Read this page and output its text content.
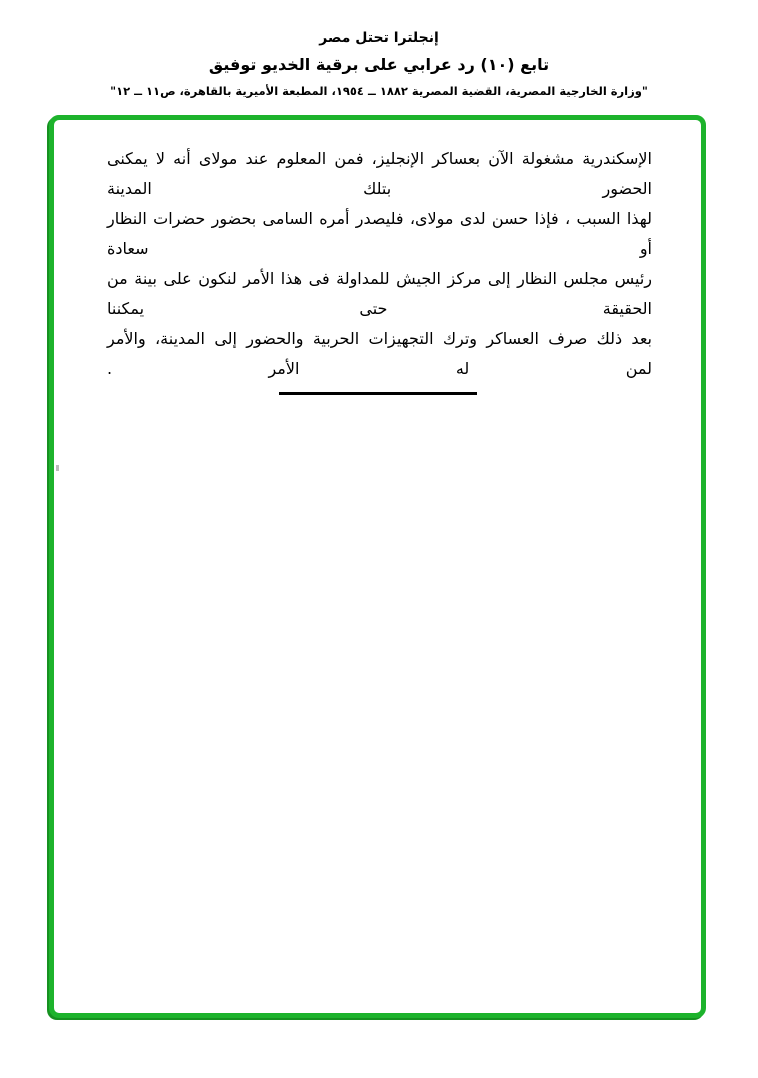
إنجلترا تحتل مصر
تابع (١٠) رد عرابي على برقية الخديو توفيق
"وزارة الخارجية المصرية، القضية المصرية ١٨٨٢ ــ ١٩٥٤، المطبعة الأميرية بالقاهرة، ص١١ ــ ١٢"
الإسكندرية مشغولة الآن بعساكر الإنجليز، فمن المعلوم عند مولاى أنه لا يمكنى الحضور بتلك المدينة
لهذا السبب ، فإذا حسن لدى مولاى، فليصدر أمره السامى بحضور حضرات النظار أو سعادة
رئيس مجلس النظار إلى مركز الجيش للمداولة فى هذا الأمر لنكون على بينة من الحقيقة حتى يمكننا
بعد ذلك صرف العساكر وترك التجهيزات الحربية والحضور إلى المدينة، والأمر لمن له الأمر .
